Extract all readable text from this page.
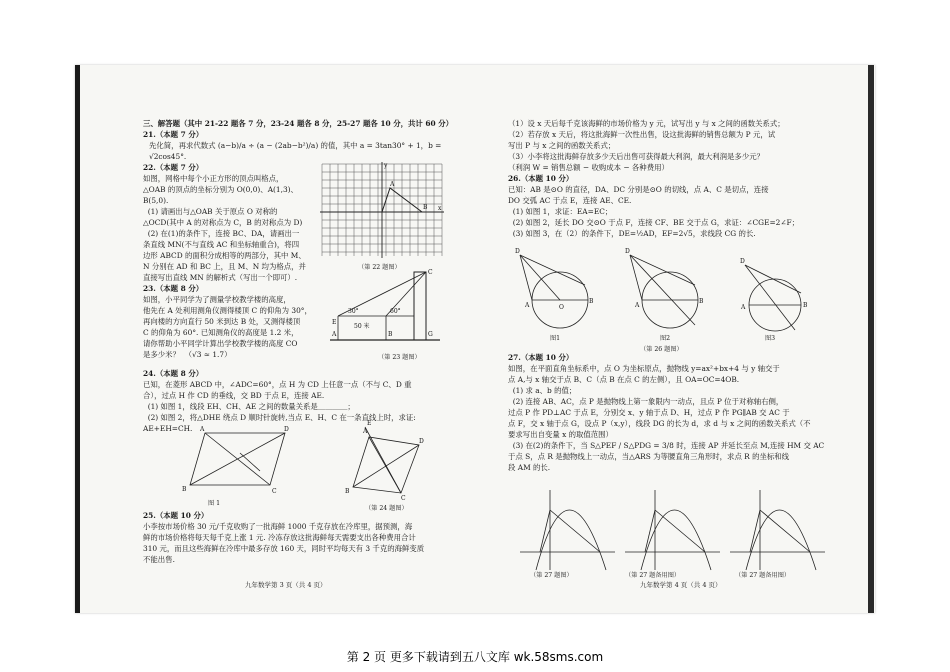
三、解答题（其中 21-22 题各 7 分，23-24 题各 8 分，25-27 题各 10 分，共计 60 分）

21.（本题 7 分）

先化简，再求代数式 (a−b)/a ÷ (a − (2ab−b²)/a) 的值，其中 a = 3tan30° + 1，b = √2cos45°.

22.（本题 7 分）

如图，网格中每个小正方形的顶点叫格点，

△OAB 的顶点的坐标分别为 O(0,0)、A(1,3)、

B(5,0).

(1) 请画出与△OAB 关于原点 O 对称的

△OCD(其中 A 的对称点为 C，B 的对称点为 D)

(2) 在(1)的条件下，连接 BC、DA，请画出一

条直线 MN(不与直线 AC 和坐标轴重合)，将四

边形 ABCD 的面积分成相等的两部分，其中 M、

N 分别在 AD 和 BC 上，且 M、N 均为格点，并

直接写出直线 MN 的解析式（写出一个即可）.

23.（本题 8 分）

如图，小平同学为了测量学校教学楼的高度，

他先在 A 处利用测角仪测得楼顶 C 的仰角为 30°，

再向楼的方向直行 50 米到达 B 处，又测得楼顶

C 的仰角为 60°. 已知测角仪的高度是 1.2 米，

请你帮助小平同学计算出学校教学楼的高度 CO

是多少米？  （√3 ≈ 1.7）

24.（本题 8 分）

已知，在菱形 ABCD 中，∠ADC=60°，点 H 为 CD 上任意一点（不与 C、D 重

合），过点 H 作 CD 的垂线，交 BD 于点 E，连接 AE.

(1) 如图 1，线段 EH、CH、AE 之间的数量关系是＿＿＿＿；

(2) 如图 2，将△DHE 绕点 D 顺时针旋转,当点 E、H、C 在一条直线上时，求证:

AE+EH=CH.

25.（本题 10 分）

小李按市场价格 30 元/千克收购了一批海鲜 1000 千克存放在冷库里，据预测，海

鲜的市场价格将每天每千克上涨 1 元. 冷冻存放这批海鲜每天需要支出各种费用合计

310 元，而且这些海鲜在冷库中最多存放 160 天，同时平均每天有 3 千克的海鲜变质

不能出售.

A
B x
y
（第 22 题图）
C
E
A	B	G
30°	60°
50 米
（第 23 题图）
B	C
A	D
图 1
B
C
A
D
E
（第 24 题图）
九年数学第 3 页（共 4 页）

（1）设 x 天后每千克该海鲜的市场价格为 y 元，试写出 y 与 x 之间的函数关系式；

（2）若存放 x 天后，将这批海鲜一次性出售，设这批海鲜的销售总额为 P 元，试

写出 P 与 x 之间的函数关系式；

（3）小李将这批海鲜存放多少天后出售可获得最大利润，最大利润是多少元？

（利润 W = 销售总额 − 收购成本 − 各种费用）

26.（本题 10 分）

已知：AB 是⊙O 的直径，DA、DC 分别是⊙O 的切线，点 A、C 是切点，连接

DO 交弧 AC 于点 E，连接 AE、CE.

(1) 如图 1，求证：EA=EC；

(2) 如图 2，延长 DO 交⊙O 于点 F，连接 CF、BE 交于点 G，求证：∠CGE=2∠F；

(3) 如图 3，在（2）的条件下，DE=½AD，EF=2√5，求线段 CG 的长.

D
A	O
B
D
A
B
D
A	B
图1	图2	图3
（第 26 题图）

27.（本题 10 分）

如图，在平面直角坐标系中，点 O 为坐标原点，抛物线 y=ax²+bx+4 与 y 轴交于

点 A,与 x 轴交于点 B、C（点 B 在点 C 的左侧），且 OA=OC=4OB.

(1) 求 a、b 的值；

(2) 连接 AB、AC，点 P 是抛物线上第一象限内一动点，且点 P 位于对称轴右侧，

过点 P 作 PD⊥AC 于点 E，分别交 x、y 轴于点 D、H，过点 P 作 PG∥AB 交 AC 于

点 F，交 x 轴于点 G，设点 P（x,y），线段 DG 的长为 d，求 d 与 x 之间的函数关系式（不

要求写出自变量 x 的取值范围）

(3) 在(2)的条件下，当 S△PEF / S△PDG = 3/8 时，连接 AP 并延长至点 M,连接 HM 交 AC

于点 S，点 R 是抛物线上一动点，当△ARS 为等腰直角三角形时，求点 R 的坐标和线

段 AM 的长.

（第 27 题图）	（第 27 题备用图）	（第 27 题备用图）
九年数学第 4 页（共 4 页）
第 2 页 更多下载请到五八文库 wk.58sms.com
